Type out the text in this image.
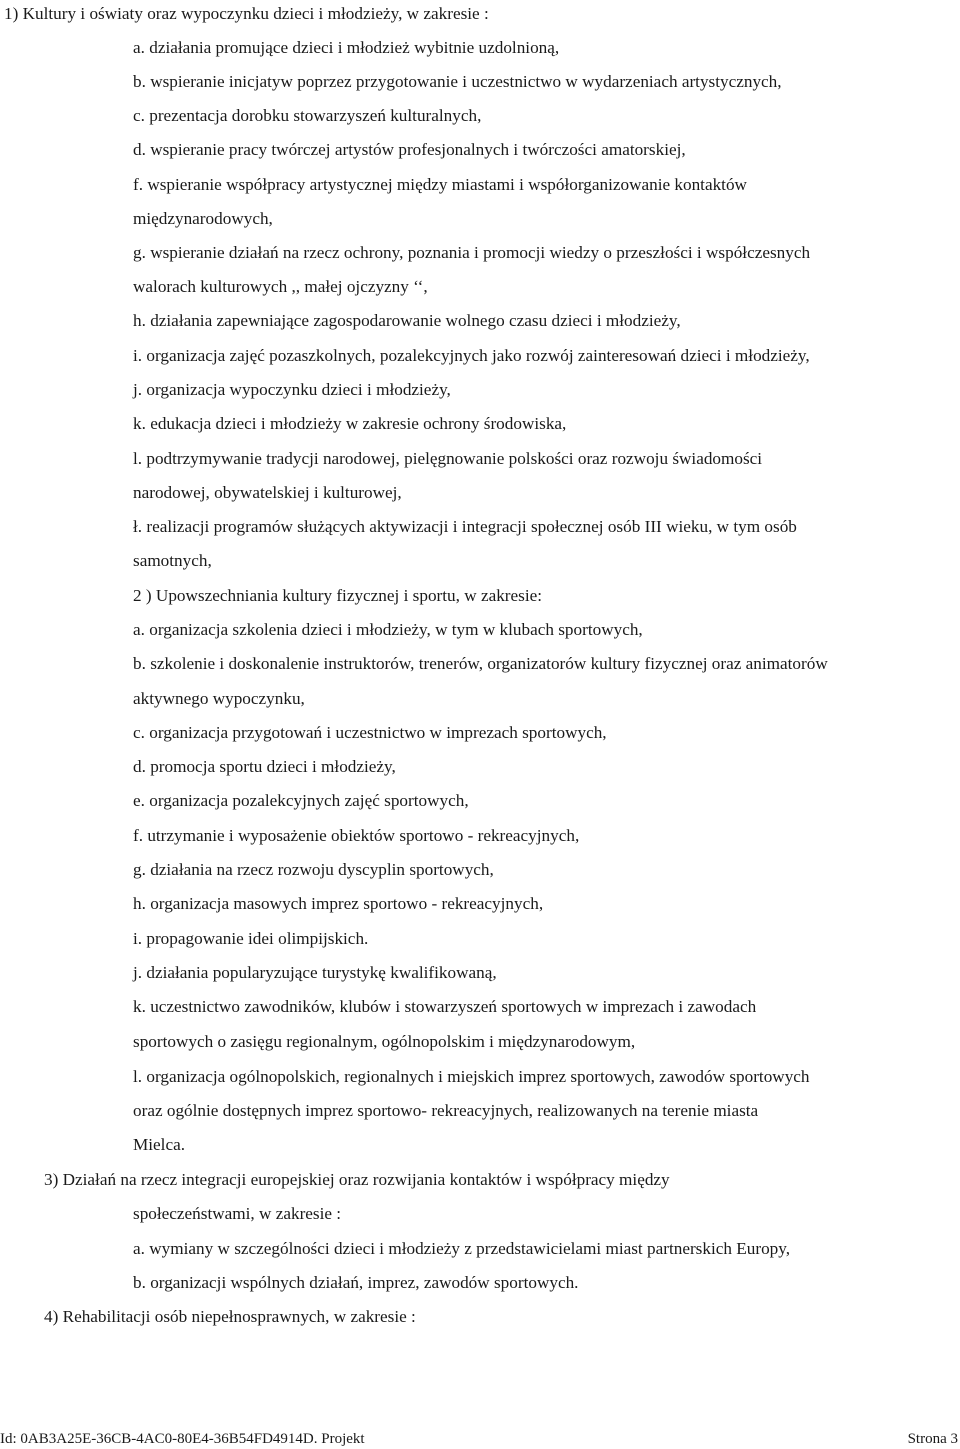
1) Kultury i oświaty oraz wypoczynku dzieci i młodzieży, w zakresie :
a. działania promujące dzieci i młodzież wybitnie uzdolnioną,
b. wspieranie inicjatyw poprzez przygotowanie i uczestnictwo w wydarzeniach artystycznych,
c. prezentacja dorobku stowarzyszeń kulturalnych,
d. wspieranie pracy twórczej artystów profesjonalnych i twórczości amatorskiej,
f. wspieranie współpracy artystycznej między miastami i współorganizowanie kontaktów
międzynarodowych,
g. wspieranie działań na rzecz ochrony, poznania i promocji wiedzy o przeszłości i współczesnych
walorach kulturowych ,, małej ojczyzny ‘‘,
h. działania zapewniające zagospodarowanie wolnego czasu dzieci i młodzieży,
i. organizacja zajęć pozaszkolnych, pozalekcyjnych jako rozwój zainteresowań dzieci i młodzieży,
j. organizacja wypoczynku dzieci i młodzieży,
k. edukacja dzieci i młodzieży w zakresie ochrony środowiska,
l. podtrzymywanie tradycji narodowej, pielęgnowanie polskości oraz rozwoju świadomości
narodowej, obywatelskiej i kulturowej,
ł. realizacji programów służących aktywizacji i integracji społecznej osób III wieku, w tym osób
samotnych,
2 ) Upowszechniania kultury fizycznej i sportu, w zakresie:
a. organizacja szkolenia dzieci i młodzieży, w tym w klubach sportowych,
b. szkolenie i doskonalenie instruktorów, trenerów, organizatorów kultury fizycznej oraz animatorów
aktywnego wypoczynku,
c. organizacja przygotowań i uczestnictwo w imprezach sportowych,
d. promocja sportu dzieci i młodzieży,
e. organizacja pozalekcyjnych zajęć sportowych,
f. utrzymanie i wyposażenie obiektów sportowo - rekreacyjnych,
g. działania na rzecz rozwoju dyscyplin sportowych,
h. organizacja masowych imprez sportowo - rekreacyjnych,
i. propagowanie idei olimpijskich.
j. działania popularyzujące turystykę kwalifikowaną,
k. uczestnictwo zawodników, klubów i stowarzyszeń sportowych w imprezach i zawodach
sportowych o zasięgu regionalnym, ogólnopolskim i międzynarodowym,
l. organizacja ogólnopolskich, regionalnych i miejskich imprez sportowych, zawodów sportowych
oraz ogólnie dostępnych imprez sportowo- rekreacyjnych, realizowanych na terenie miasta
Mielca.
3) Działań na rzecz integracji europejskiej oraz rozwijania kontaktów i współpracy między
społeczeństwami, w zakresie :
a. wymiany w szczególności dzieci i młodzieży z przedstawicielami miast partnerskich Europy,
b. organizacji wspólnych działań, imprez, zawodów sportowych.
4) Rehabilitacji osób niepełnosprawnych, w zakresie :
Id: 0AB3A25E-36CB-4AC0-80E4-36B54FD4914D. Projekt	Strona 3
